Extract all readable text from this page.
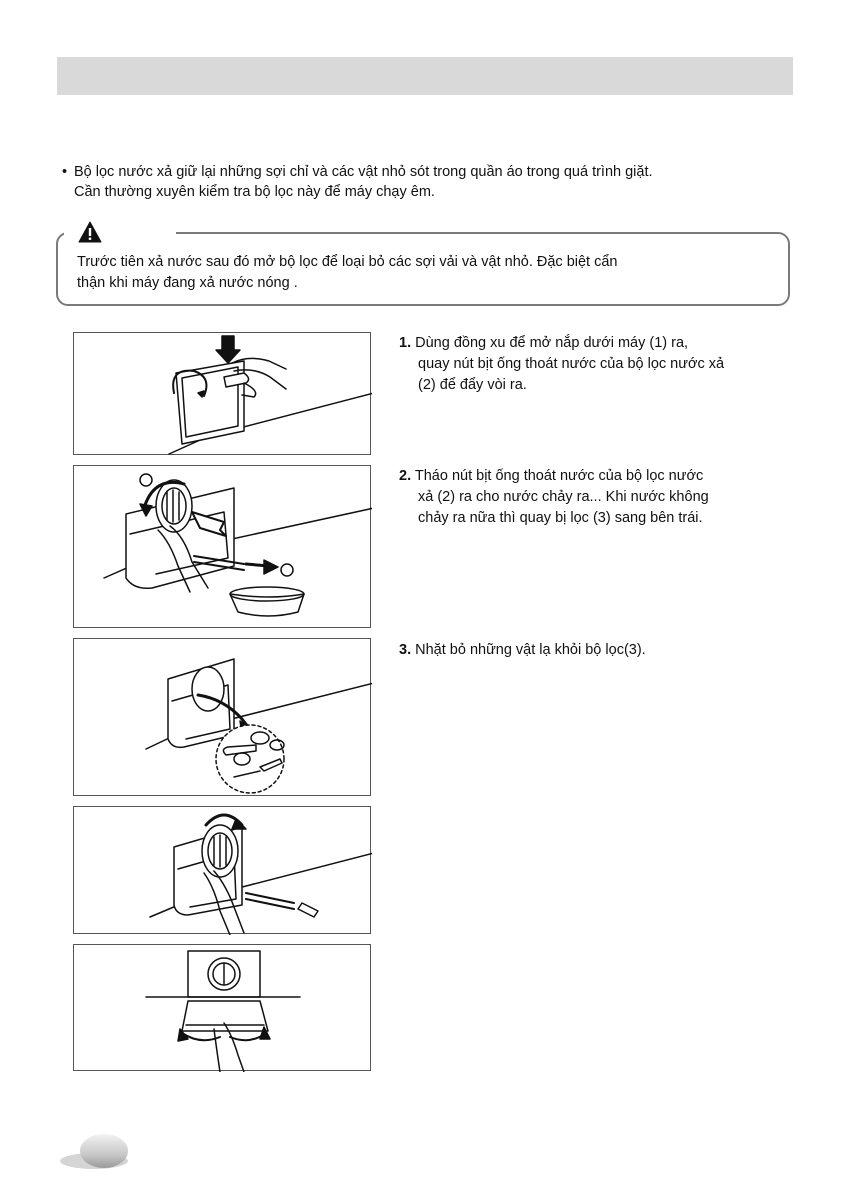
• Bộ lọc nước xả giữ lại những sợi chỉ và các vật nhỏ sót trong quần áo trong quá trình giặt.
Cần thường xuyên kiểm tra bộ lọc này để máy chạy êm.
Trước tiên xả nước sau đó mở bộ lọc để loại bỏ các sợi vải và vật nhỏ. Đặc biệt cẩn
thận khi máy đang xả nước nóng .
1. Dùng đồng xu để mở nắp dưới máy (1) ra,
quay nút bịt ống thoát nước của bộ lọc nước xả
(2) để đẩy vòi ra.
2. Tháo nút bịt ống thoát nước của bộ lọc nước
xả (2) ra cho nước chảy ra... Khi nước không
chảy ra nữa thì quay bị lọc (3) sang bên trái.
3. Nhặt bỏ những vật lạ khỏi bộ lọc(3).
